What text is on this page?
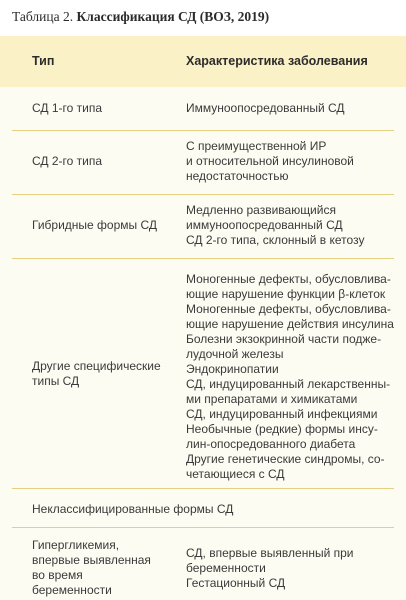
Таблица 2. Классификация СД (ВОЗ, 2019)
Тип	Характеристика заболевания
СД 1-го типа	Иммуноопосредованный СД
СД 2-го типа
С преимущественной ИР
и относительной инсулиновой
недостаточностью
Гибридные формы СД
Медленно развивающийся
иммуноопосредованный СД
СД 2-го типа, склонный в кетозу
Другие специфические
типы СД
Моногенные дефекты, обусловлива-
ющие нарушение функции β-клеток
Моногенные дефекты, обусловлива-
ющие нарушение действия инсулина
Болезни экзокринной части подже-
лудочной железы
Эндокринопатии
СД, индуцированный лекарственны-
ми препаратами и химикатами
СД, индуцированный инфекциями
Необычные (редкие) формы инсу-
лин-опосредованного диабета
Другие генетические синдромы, со-
четающиеся с СД
Неклассифицированные формы СД
Гипергликемия,
впервые выявленная
во время
беременности
СД, впервые выявленный при
беременности
Гестационный СД
